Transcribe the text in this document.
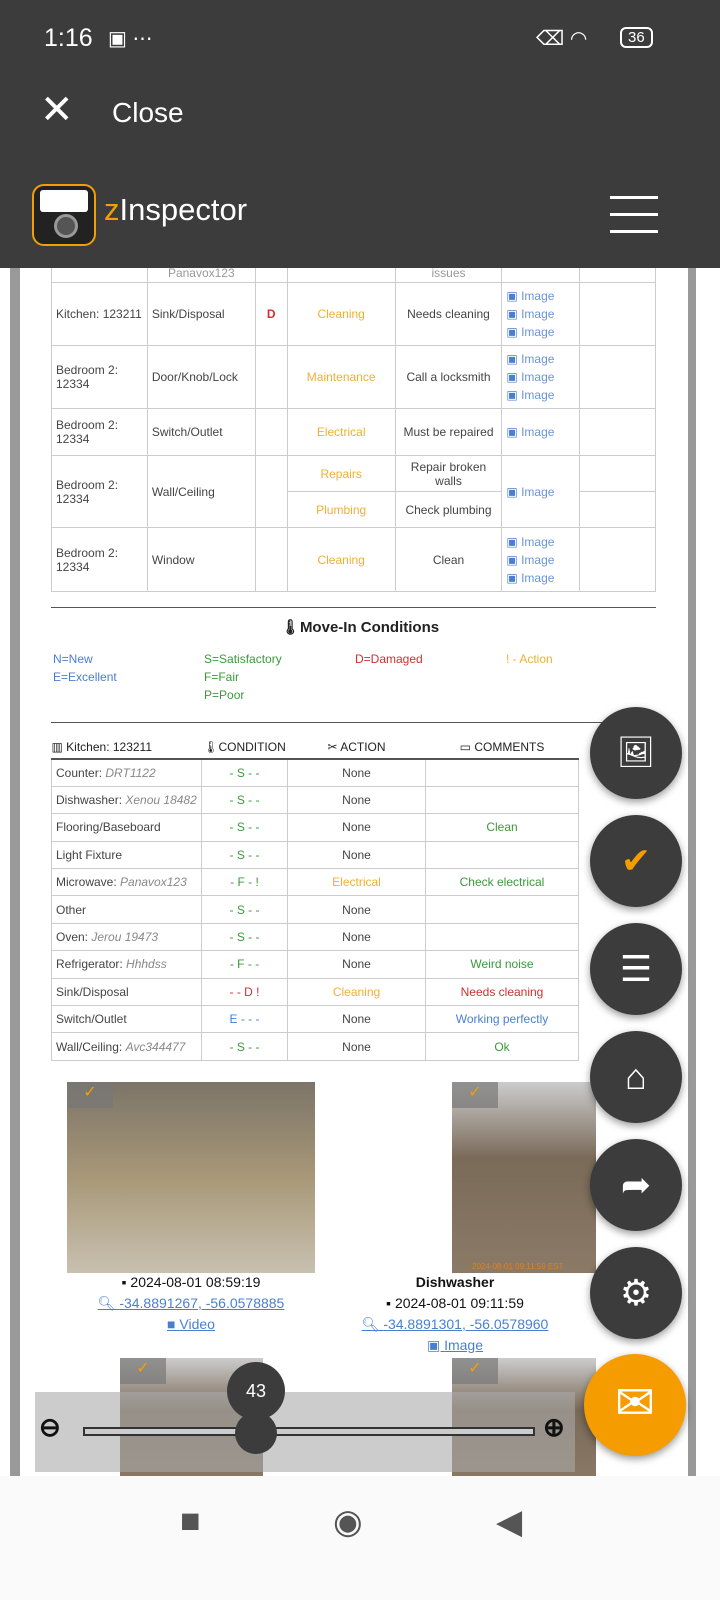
1:16 ▣ ⋯	⌫ ◠	36
✕ Close
zInspector
	Panavox123			issues		
Kitchen: 123211	Sink/Disposal	D	Cleaning	Needs cleaning	▣ Image
▣ Image
▣ Image

Bedroom 2: 12334	Door/Knob/Lock		Maintenance	Call a locksmith	▣ Image
▣ Image
▣ Image

Bedroom 2: 12334	Switch/Outlet		Electrical	Must be repaired	▣ Image

Bedroom 2: 12334	Wall/Ceiling		Repairs	Repair broken walls	▣ Image

			Plumbing	Check plumbing		
Bedroom 2: 12334	Window		Cleaning	Clean	▣ Image
▣ Image
▣ Image

🌡Move-In Conditions
N=New
E=Excellent
S=Satisfactory
F=Fair
P=Poor
D=Damaged	! - Action
▥ Kitchen: 123211	🌡CONDITION	✂ ACTION	▭ COMMENTS
Counter: DRT1122	- S - -	None	
Dishwasher: Xenou 18482	- S - -	None	
Flooring/Baseboard	- S - -	None	Clean
Light Fixture	- S - -	None	
Microwave: Panavox123	- F - !	Electrical	Check electrical
Other	- S - -	None	
Oven: Jerou 19473	- S - -	None	
Refrigerator: Hhhdss	- F - -	None	Weird noise
Sink/Disposal	- - D !	Cleaning	Needs cleaning
Switch/Outlet	E - - -	None	Working perfectly
Wall/Ceiling: Avc344477	- S - -	None	Ok
✓
▪ 2024-08-01 08:59:19
🔍︎ -34.8891267, -56.0578885
■ Video
✓
2024-08-01 09:11:59 EST
Dishwasher
▪ 2024-08-01 09:11:59
🔍︎ -34.8891301, -56.0578960
▣ Image
✓	✓
⊖
43
⊕
🖼︎
✔
☰
⌂
➦
⚙
✉
■	◉	◀
